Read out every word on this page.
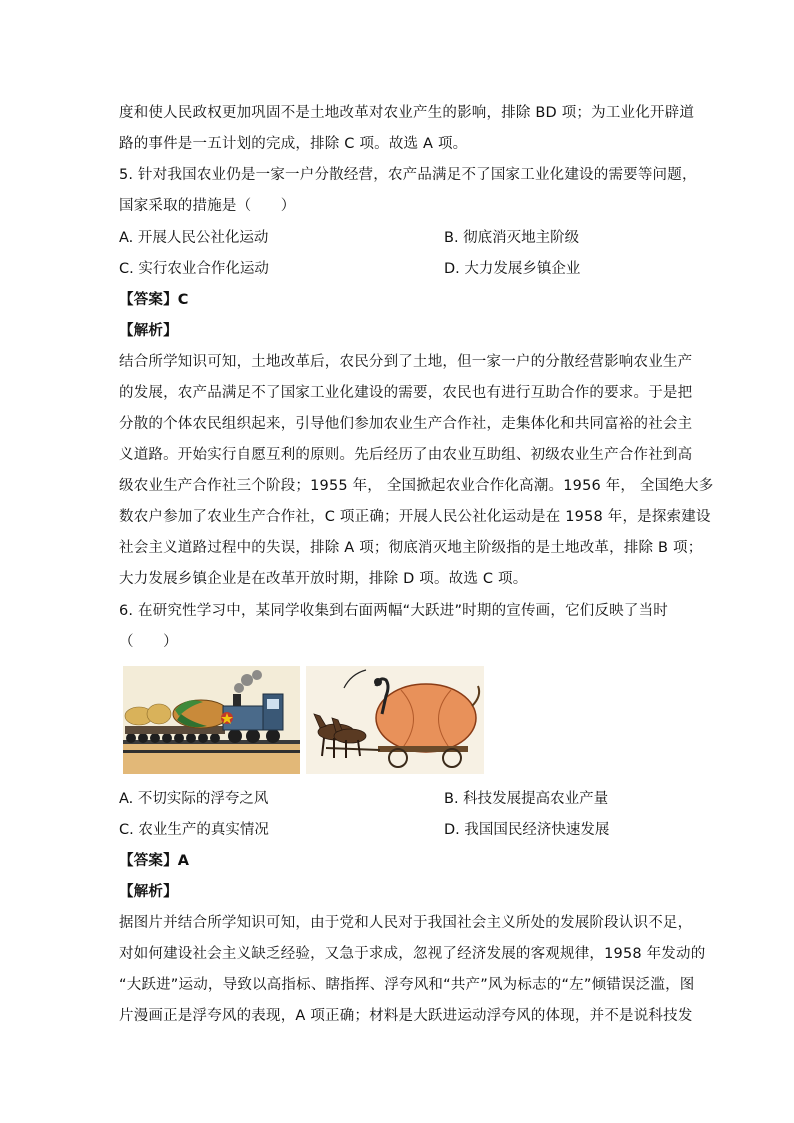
度和使人民政权更加巩固不是土地改革对农业产生的影响，排除 BD 项；为工业化开辟道
路的事件是一五计划的完成，排除 C 项。故选 A 项。
5. 针对我国农业仍是一家一户分散经营，农产品满足不了国家工业化建设的需要等问题，
国家采取的措施是（　　）
A. 开展人民公社化运动	B. 彻底消灭地主阶级
C. 实行农业合作化运动	D. 大力发展乡镇企业
【答案】C
【解析】
结合所学知识可知，土地改革后，农民分到了土地，但一家一户的分散经营影响农业生产
的发展，农产品满足不了国家工业化建设的需要，农民也有进行互助合作的要求。于是把
分散的个体农民组织起来，引导他们参加农业生产合作社，走集体化和共同富裕的社会主
义道路。开始实行自愿互利的原则。先后经历了由农业互助组、初级农业生产合作社到高
级农业生产合作社三个阶段；1955 年， 全国掀起农业合作化高潮。1956 年， 全国绝大多
数农户参加了农业生产合作社，C 项正确；开展人民公社化运动是在 1958 年，是探索建设
社会主义道路过程中的失误，排除 A 项；彻底消灭地主阶级指的是土地改革，排除 B 项；
大力发展乡镇企业是在改革开放时期，排除 D 项。故选 C 项。
6. 在研究性学习中，某同学收集到右面两幅“大跃进”时期的宣传画，它们反映了当时
（　　）
A. 不切实际的浮夸之风	B. 科技发展提高农业产量
C. 农业生产的真实情况	D. 我国国民经济快速发展
【答案】A
【解析】
据图片并结合所学知识可知，由于党和人民对于我国社会主义所处的发展阶段认识不足，
对如何建设社会主义缺乏经验，又急于求成，忽视了经济发展的客观规律，1958 年发动的
“大跃进”运动，导致以高指标、瞎指挥、浮夸风和“共产”风为标志的“左”倾错误泛滥，图
片漫画正是浮夸风的表现，A 项正确；材料是大跃进运动浮夸风的体现，并不是说科技发
